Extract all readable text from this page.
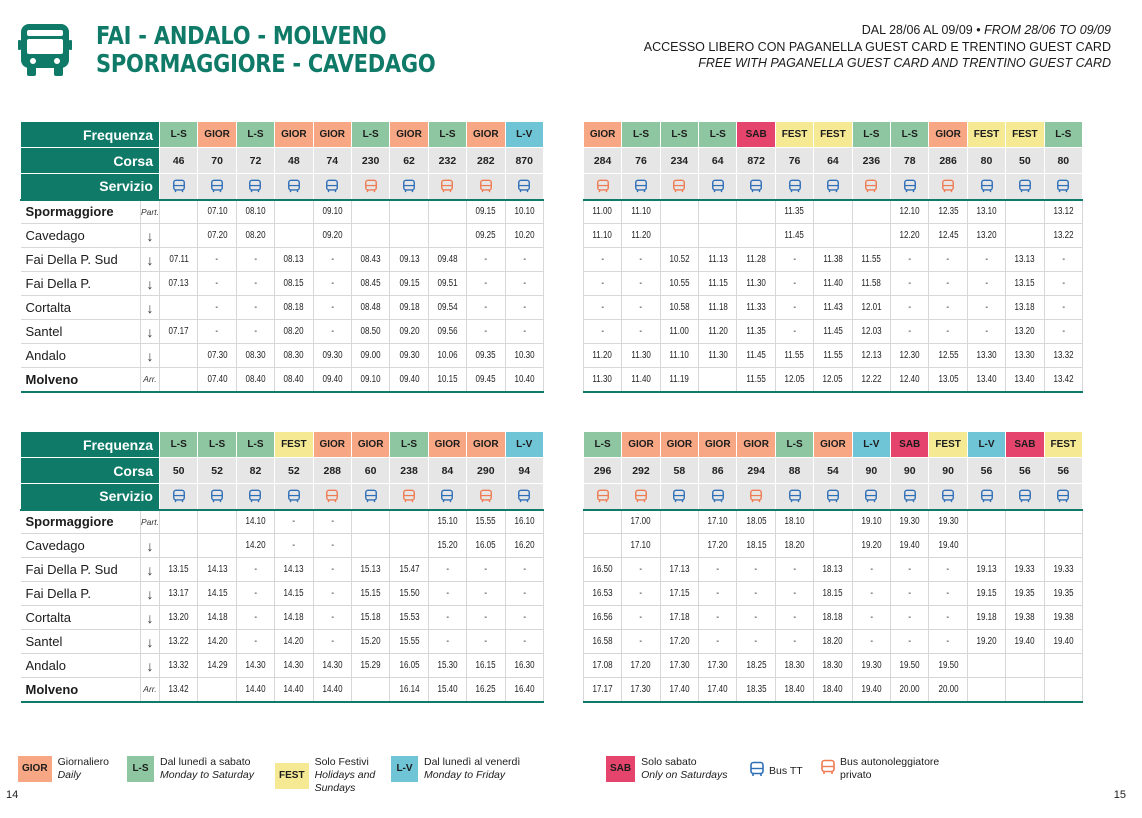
FAI - ANDALO - MOLVENO
SPORMAGGIORE - CAVEDAGO
DAL 28/06 AL 09/09 • FROM 28/06 TO 09/09
ACCESSO LIBERO CON PAGANELLA GUEST CARD E TRENTINO GUEST CARD
FREE WITH PAGANELLA GUEST CARD AND TRENTINO GUEST CARD
Frequenza		L-S	GIOR	L-S	GIOR	GIOR	L-S	GIOR	L-S	GIOR	L-V		GIOR	L-S	L-S	L-S	SAB	FEST	FEST	L-S	L-S	GIOR	FEST	FEST	L-S
Corsa		46	70	72	48	74	230	62	232	282	870		284	76	234	64	872	76	64	236	78	286	80	50	80
Servizio																								
Spormaggiore	Part.		07.10	08.10		09.10				09.15	10.10		11.00	11.10				11.35			12.10	12.35	13.10		13.12
Cavedago	↓		07.20	08.20		09.20				09.25	10.20		11.10	11.20				11.45			12.20	12.45	13.20		13.22
Fai Della P. Sud	↓	07.11	-	-	08.13	-	08.43	09.13	09.48	-	-		-	-	10.52	11.13	11.28	-	11.38	11.55	-	-	-	13.13	-
Fai Della P.	↓	07.13	-	-	08.15	-	08.45	09.15	09.51	-	-		-	-	10.55	11.15	11.30	-	11.40	11.58	-	-	-	13.15	-
Cortalta	↓		-	-	08.18	-	08.48	09.18	09.54	-	-		-	-	10.58	11.18	11.33	-	11.43	12.01	-	-	-	13.18	-
Santel	↓	07.17	-	-	08.20	-	08.50	09.20	09.56	-	-		-	-	11.00	11.20	11.35	-	11.45	12.03	-	-	-	13.20	-
Andalo	↓		07.30	08.30	08.30	09.30	09.00	09.30	10.06	09.35	10.30		11.20	11.30	11.10	11.30	11.45	11.55	11.55	12.13	12.30	12.55	13.30	13.30	13.32
Molveno	Arr.		07.40	08.40	08.40	09.40	09.10	09.40	10.15	09.45	10.40		11.30	11.40	11.19		11.55	12.05	12.05	12.22	12.40	13.05	13.40	13.40	13.42
Frequenza		L-S	L-S	L-S	FEST	GIOR	GIOR	L-S	GIOR	GIOR	L-V		L-S	GIOR	GIOR	GIOR	GIOR	L-S	GIOR	L-V	SAB	FEST	L-V	SAB	FEST
Corsa		50	52	82	52	288	60	238	84	290	94		296	292	58	86	294	88	54	90	90	90	56	56	56
Servizio																								
Spormaggiore	Part.			14.10	-	-			15.10	15.55	16.10			17.00		17.10	18.05	18.10		19.10	19.30	19.30			
Cavedago	↓			14.20	-	-			15.20	16.05	16.20			17.10		17.20	18.15	18.20		19.20	19.40	19.40			
Fai Della P. Sud	↓	13.15	14.13	-	14.13	-	15.13	15.47	-	-	-		16.50	-	17.13	-	-	-	18.13	-	-	-	19.13	19.33	19.33
Fai Della P.	↓	13.17	14.15	-	14.15	-	15.15	15.50	-	-	-		16.53	-	17.15	-	-	-	18.15	-	-	-	19.15	19.35	19.35
Cortalta	↓	13.20	14.18	-	14.18	-	15.18	15.53	-	-	-		16.56	-	17.18	-	-	-	18.18	-	-	-	19.18	19.38	19.38
Santel	↓	13.22	14.20	-	14.20	-	15.20	15.55	-	-	-		16.58	-	17.20	-	-	-	18.20	-	-	-	19.20	19.40	19.40
Andalo	↓	13.32	14.29	14.30	14.30	14.30	15.29	16.05	15.30	16.15	16.30		17.08	17.20	17.30	17.30	18.25	18.30	18.30	19.30	19.50	19.50			
Molveno	Arr.	13.42		14.40	14.40	14.40		16.14	15.40	16.25	16.40		17.17	17.30	17.40	17.40	18.35	18.40	18.40	19.40	20.00	20.00			
GIOR
Giornaliero
Daily
L-S
Dal lunedì a sabato
Monday to Saturday	FEST
Solo Festivi
Holidays and Sundays
L-V
Dal lunedì al venerdì
Monday to Friday
SAB
Solo sabato
Only on Saturdays	Bus TT
Bus autonoleggiatore privato
14	15
